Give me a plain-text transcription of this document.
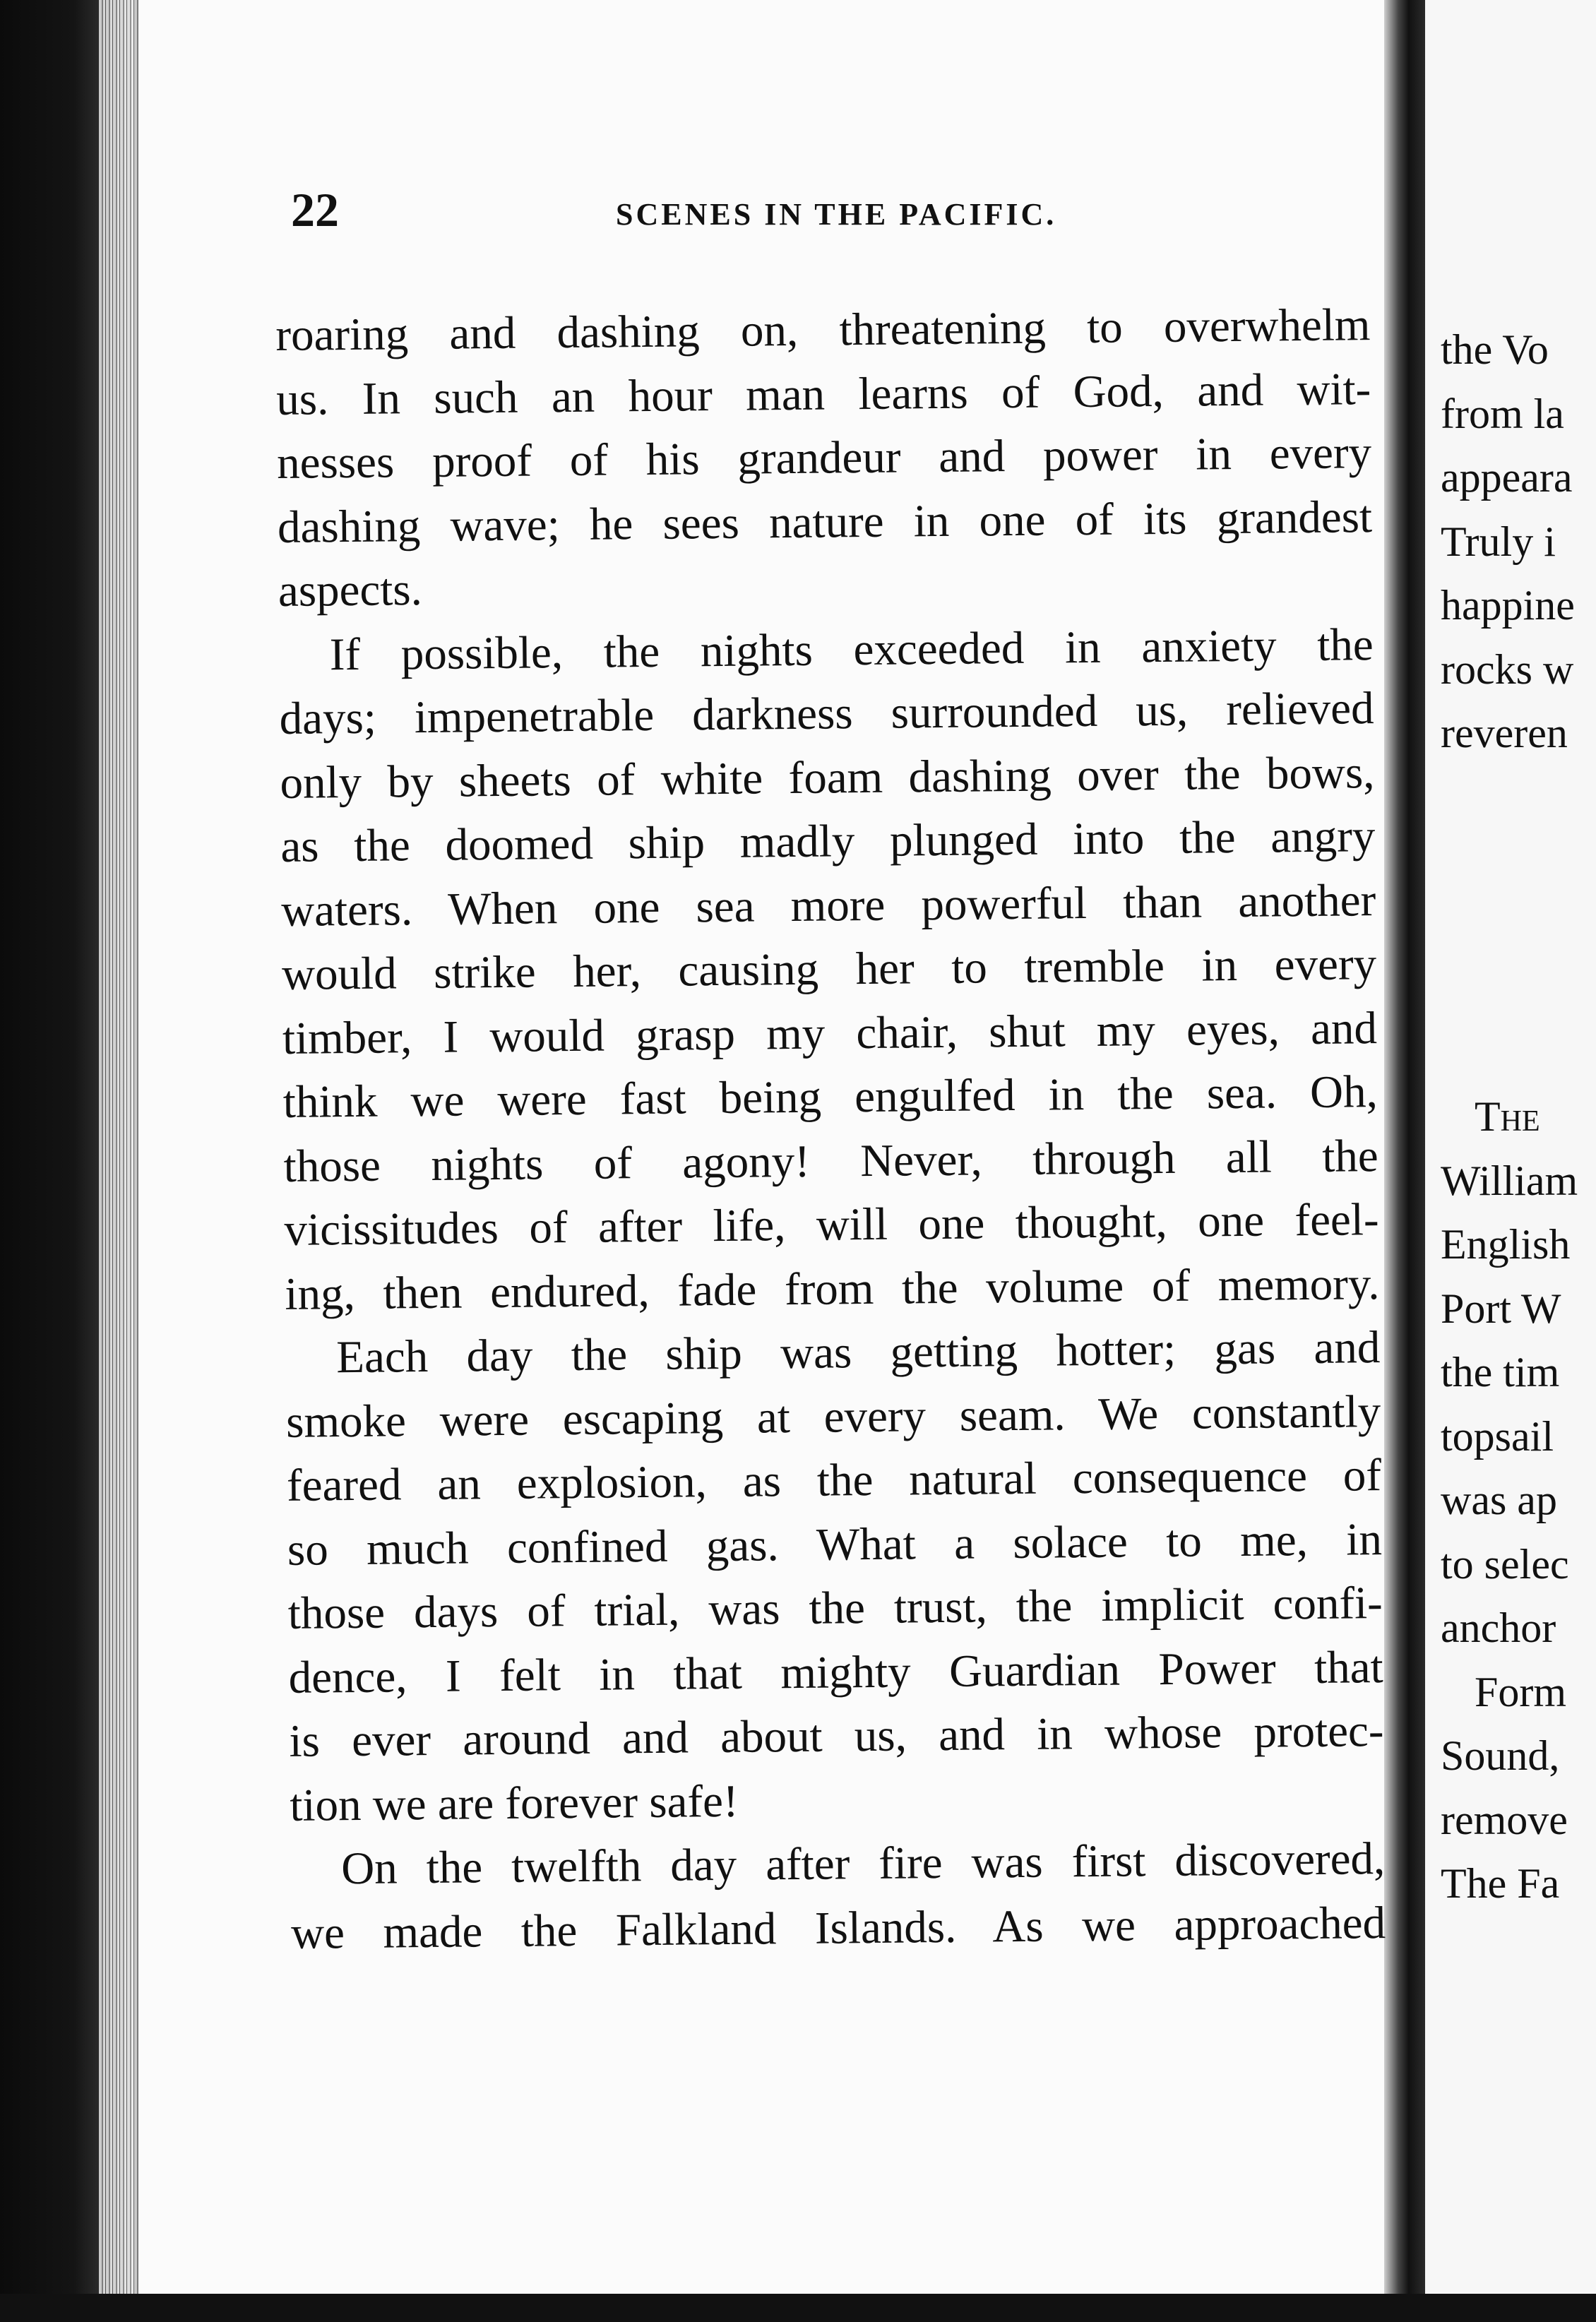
22	SCENES IN THE PACIFIC.
roaring and dashing on, threatening to overwhelm
us. In such an hour man learns of God, and wit-
nesses proof of his grandeur and power in every
dashing wave; he sees nature in one of its grandest
aspects.
If possible, the nights exceeded in anxiety the
days; impenetrable darkness surrounded us, relieved
only by sheets of white foam dashing over the bows,
as the doomed ship madly plunged into the angry
waters. When one sea more powerful than another
would strike her, causing her to tremble in every
timber, I would grasp my chair, shut my eyes, and
think we were fast being engulfed in the sea. Oh,
those nights of agony! Never, through all the
vicissitudes of after life, will one thought, one feel-
ing, then endured, fade from the volume of memory.
Each day the ship was getting hotter; gas and
smoke were escaping at every seam. We constantly
feared an explosion, as the natural consequence of
so much confined gas. What a solace to me, in
those days of trial, was the trust, the implicit confi-
dence, I felt in that mighty Guardian Power that
is ever around and about us, and in whose protec-
tion we are forever safe!
On the twelfth day after fire was first discovered,
we made the Falkland Islands. As we approached
the Vo
from la
appeara
Truly i
happine
rocks w
reveren
The
William
English
Port W
the tim
topsail
was ap
to selec
anchor
Form
Sound,
remove
The Fa
